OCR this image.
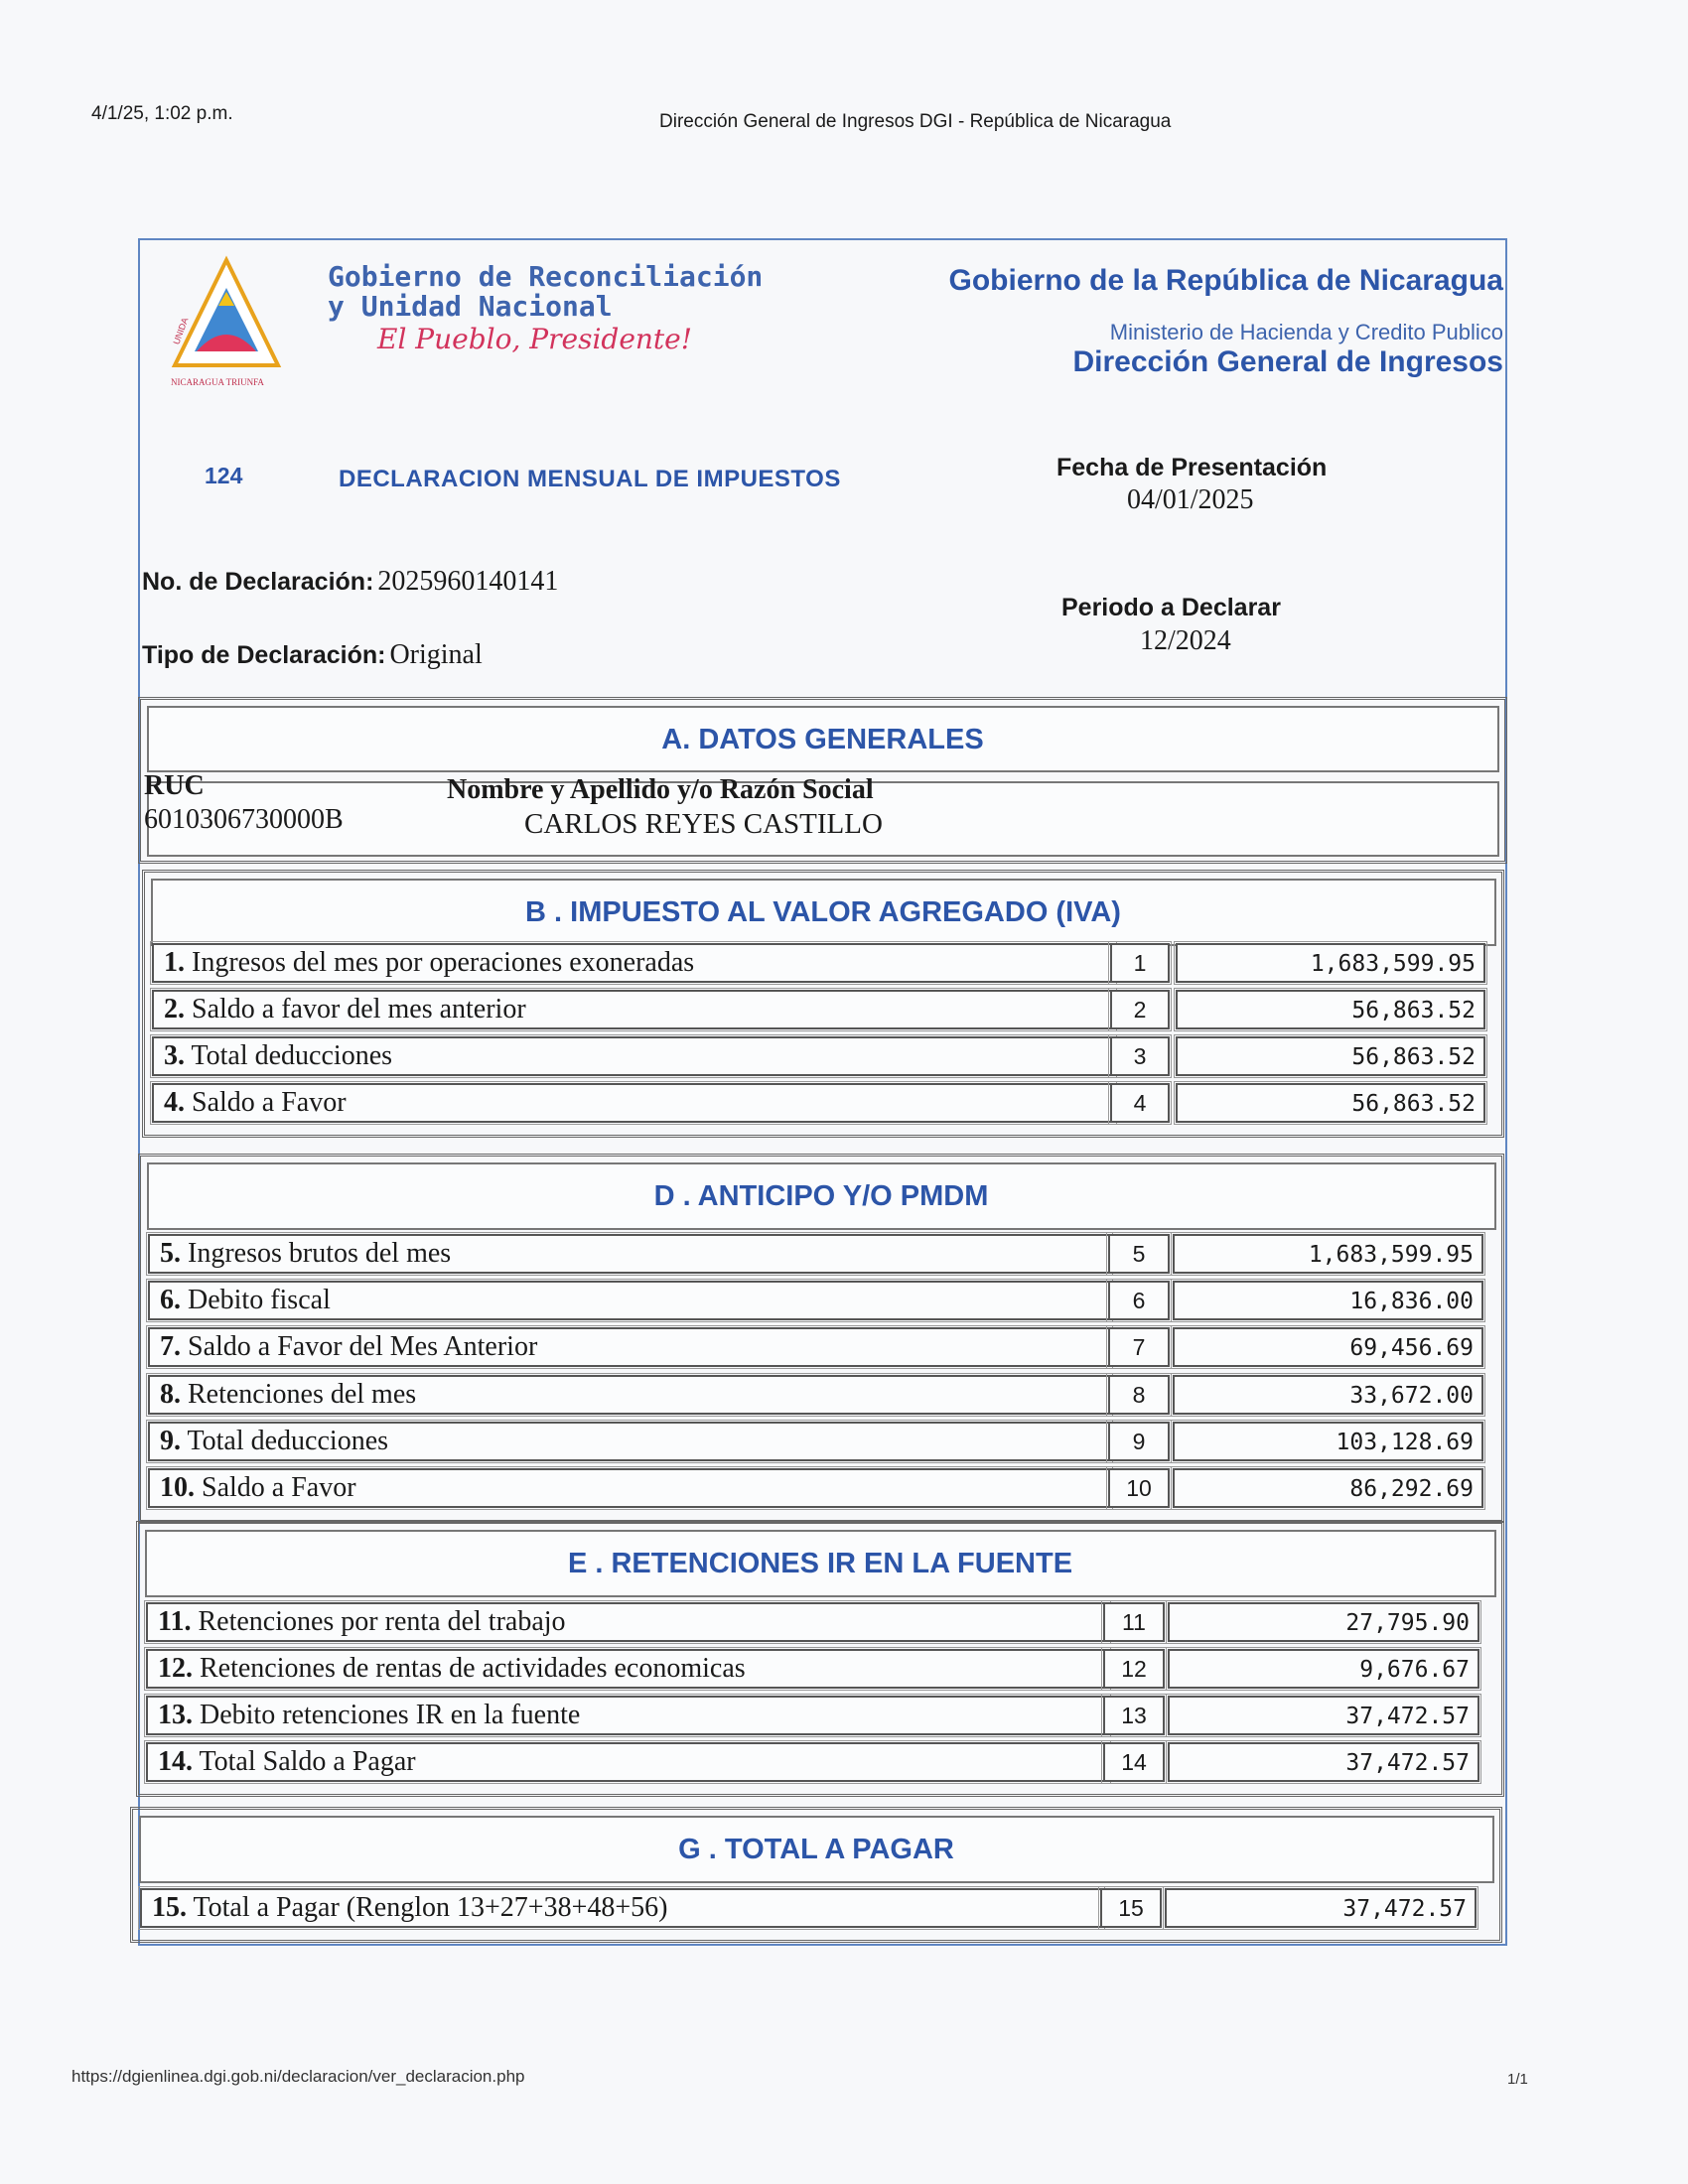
4/1/25, 1:02 p.m.	Dirección General de Ingresos DGI - República de Nicaragua
UNIDA
NICARAGUA TRIUNFA
Gobierno de Reconciliación
y Unidad Nacional
El Pueblo, Presidente!
Gobierno de la República de Nicaragua
Ministerio de Hacienda y Credito Publico
Dirección General de Ingresos
124	DECLARACION MENSUAL DE IMPUESTOS	Fecha de Presentación
04/01/2025
Periodo a Declarar
12/2024
No. de Declaración: 2025960140141
Tipo de Declaración: Original
A. DATOS GENERALES
RUC
6010306730000B
Nombre y Apellido y/o Razón Social
CARLOS REYES CASTILLO
B . IMPUESTO AL VALOR AGREGADO (IVA)
D . ANTICIPO Y/O PMDM
E . RETENCIONES IR EN LA FUENTE
G . TOTAL A PAGAR
https://dgienlinea.dgi.gob.ni/declaracion/ver_declaracion.php	1/1
1. Ingresos del mes por operaciones exoneradas	1	1,683,599.95
2. Saldo a favor del mes anterior	2	56,863.52
3. Total deducciones	3	56,863.52
4. Saldo a Favor	4	56,863.52
5. Ingresos brutos del mes	5	1,683,599.95
6. Debito fiscal	6	16,836.00
7. Saldo a Favor del Mes Anterior	7	69,456.69
8. Retenciones del mes	8	33,672.00
9. Total deducciones	9	103,128.69
10. Saldo a Favor	10	86,292.69
11. Retenciones por renta del trabajo	11	27,795.90
12. Retenciones de rentas de actividades economicas	12	9,676.67
13. Debito retenciones IR en la fuente	13	37,472.57
14. Total Saldo a Pagar	14	37,472.57
15. Total a Pagar (Renglon 13+27+38+48+56)	15	37,472.57
